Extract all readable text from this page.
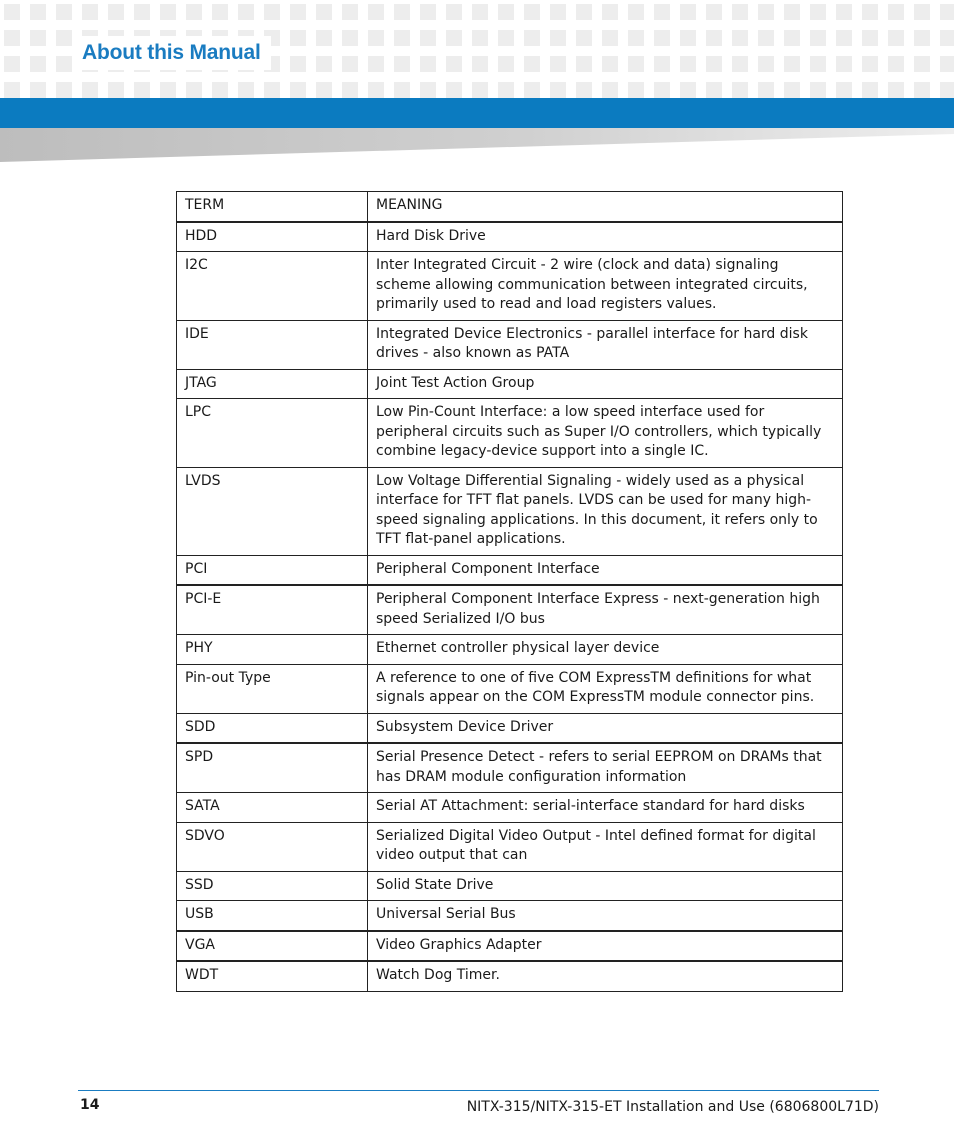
About this Manual
TERM	MEANING
HDD	Hard Disk Drive
I2C	Inter Integrated Circuit - 2 wire (clock and data) signaling scheme allowing communication between integrated circuits, primarily used to read and load registers values.
IDE	Integrated Device Electronics - parallel interface for hard disk drives - also known as PATA
JTAG	Joint Test Action Group
LPC	Low Pin-Count Interface: a low speed interface used for peripheral circuits such as Super I/O controllers, which typically combine legacy-device support into a single IC.
LVDS	Low Voltage Differential Signaling - widely used as a physical interface for TFT flat panels. LVDS can be used for many high-speed signaling applications. In this document, it refers only to TFT flat-panel applications.
PCI	Peripheral Component Interface
PCI-E	Peripheral Component Interface Express - next-generation high speed Serialized I/O bus
PHY	Ethernet controller physical layer device
Pin-out Type	A reference to one of five COM ExpressTM definitions for what signals appear on the COM ExpressTM module connector pins.
SDD	Subsystem Device Driver
SPD	Serial Presence Detect - refers to serial EEPROM on DRAMs that has DRAM module configuration information
SATA	Serial AT Attachment: serial-interface standard for hard disks
SDVO	Serialized Digital Video Output - Intel defined format for digital video output that can
SSD	Solid State Drive
USB	Universal Serial Bus
VGA	Video Graphics Adapter
WDT	Watch Dog Timer.
14	NITX-315/NITX-315-ET Installation and Use (6806800L71D)
